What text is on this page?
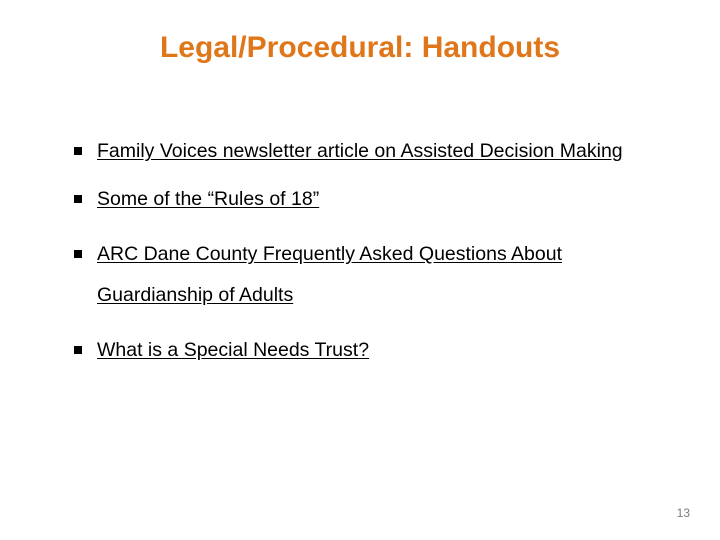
Legal/Procedural: Handouts
Family Voices newsletter article on Assisted Decision Making
Some of the “Rules of 18”
ARC Dane County Frequently Asked Questions About Guardianship of Adults
What is a Special Needs Trust?
13
